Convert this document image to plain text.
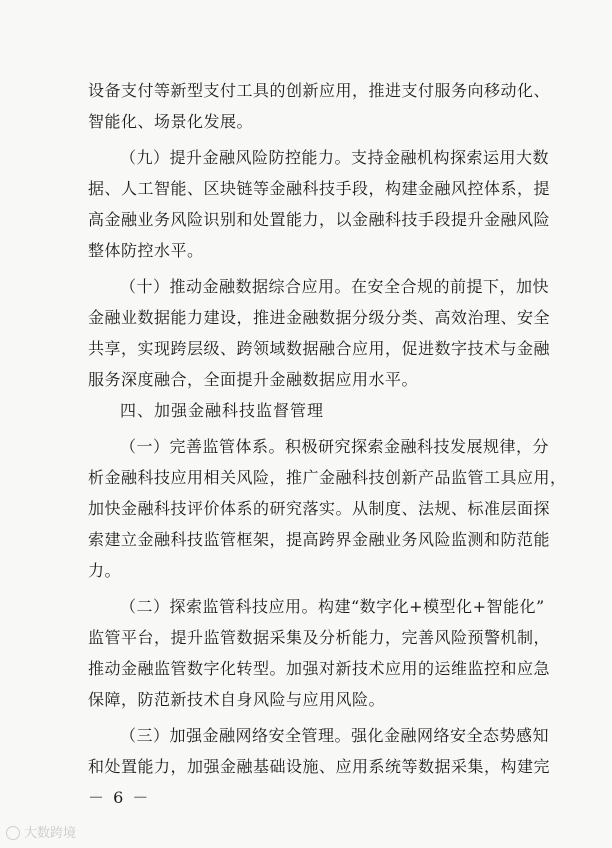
设备支付等新型支付工具的创新应用，推进支付服务向移动化、
智能化、场景化发展。
（九）提升金融风险防控能力。支持金融机构探索运用大数
据、人工智能、区块链等金融科技手段，构建金融风控体系，提
高金融业务风险识别和处置能力，以金融科技手段提升金融风险
整体防控水平。
（十）推动金融数据综合应用。在安全合规的前提下，加快
金融业数据能力建设，推进金融数据分级分类、高效治理、安全
共享，实现跨层级、跨领域数据融合应用，促进数字技术与金融
服务深度融合，全面提升金融数据应用水平。
四、加强金融科技监督管理
（一）完善监管体系。积极研究探索金融科技发展规律，分
析金融科技应用相关风险，推广金融科技创新产品监管工具应用，
加快金融科技评价体系的研究落实。从制度、法规、标准层面探
索建立金融科技监管框架，提高跨界金融业务风险监测和防范能
力。
（二）探索监管科技应用。构建“数字化+模型化+智能化”
监管平台，提升监管数据采集及分析能力，完善风险预警机制，
推动金融监管数字化转型。加强对新技术应用的运维监控和应急
保障，防范新技术自身风险与应用风险。
（三）加强金融网络安全管理。强化金融网络安全态势感知
和处置能力，加强金融基础设施、应用系统等数据采集，构建完
－ 6 －
大数跨境
